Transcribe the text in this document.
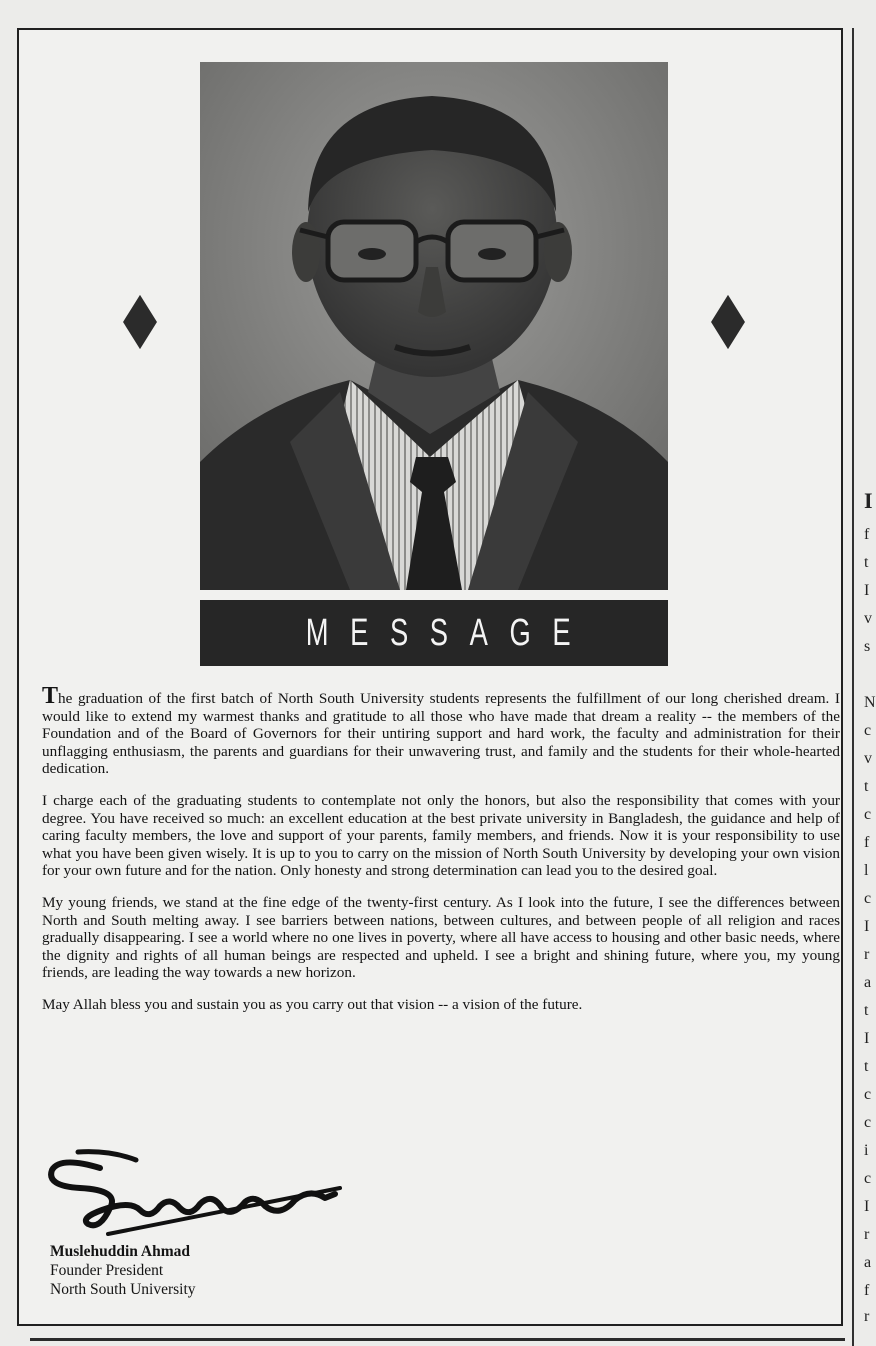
I
f
t
I
v
s
N
c
v
t
c
f
l
c
I
r
a
t
I
t
c
c
i
c
I
r
a
f
r
MESSAGE

The graduation of the first batch of North South University students represents the fulfillment of our long cherished dream. I would like to extend my warmest thanks and gratitude to all those who have made that dream a reality -- the members of the Foundation and of the Board of Governors for their untiring support and hard work, the faculty and administration for their unflagging enthusiasm, the parents and guardians for their unwavering trust, and family and the students for their whole-hearted dedication.

I charge each of the graduating students to contemplate not only the honors, but also the responsibility that comes with your degree. You have received so much: an excellent education at the best private university in Bangladesh, the guidance and help of caring faculty members, the love and support of your parents, family members, and friends. Now it is your responsibility to use what you have been given wisely. It is up to you to carry on the mission of North South University by developing your own vision for your own future and for the nation. Only honesty and strong determination can lead you to the desired goal.

My young friends, we stand at the fine edge of the twenty-first century. As I look into the future, I see the differences between North and South melting away. I see barriers between nations, between cultures, and between people of all religion and races gradually disappearing. I see a world where no one lives in poverty, where all have access to housing and other basic needs, where the dignity and rights of all human beings are respected and upheld. I see a bright and shining future, where you, my young friends, are leading the way towards a new horizon.

May Allah bless you and sustain you as you carry out that vision -- a vision of the future.

Muslehuddin Ahmad
Founder President
North South University
